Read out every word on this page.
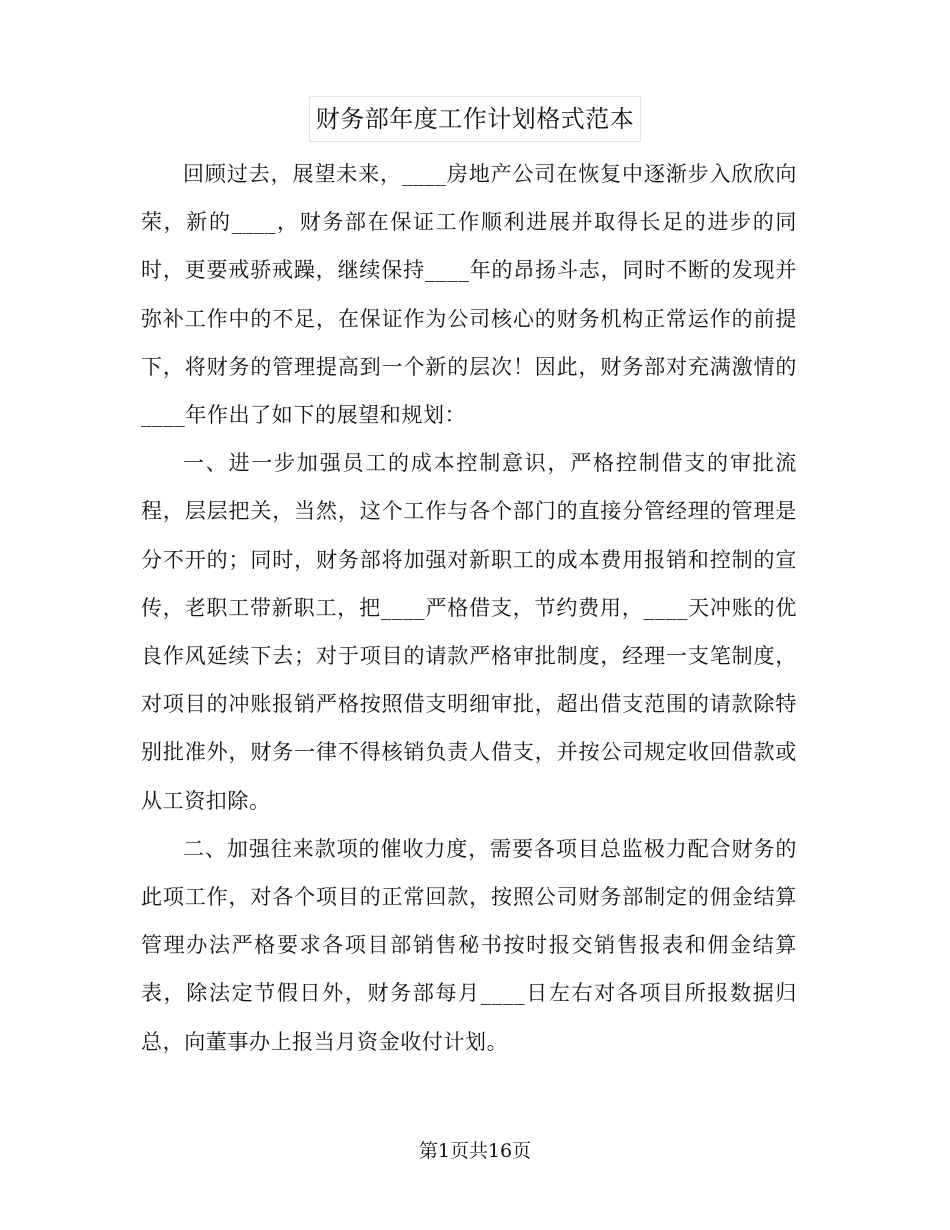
财务部年度工作计划格式范本

回顾过去，展望未来，____房地产公司在恢复中逐渐步入欣欣向荣，新的____，财务部在保证工作顺利进展并取得长足的进步的同时，更要戒骄戒躁，继续保持____年的昂扬斗志，同时不断的发现并弥补工作中的不足，在保证作为公司核心的财务机构正常运作的前提下，将财务的管理提高到一个新的层次！因此，财务部对充满激情的____年作出了如下的展望和规划：

一、进一步加强员工的成本控制意识，严格控制借支的审批流程，层层把关，当然，这个工作与各个部门的直接分管经理的管理是分不开的；同时，财务部将加强对新职工的成本费用报销和控制的宣传，老职工带新职工，把____严格借支，节约费用，____天冲账的优良作风延续下去；对于项目的请款严格审批制度，经理一支笔制度，对项目的冲账报销严格按照借支明细审批，超出借支范围的请款除特别批准外，财务一律不得核销负责人借支，并按公司规定收回借款或从工资扣除。

二、加强往来款项的催收力度，需要各项目总监极力配合财务的此项工作，对各个项目的正常回款，按照公司财务部制定的佣金结算管理办法严格要求各项目部销售秘书按时报交销售报表和佣金结算表，除法定节假日外，财务部每月____日左右对各项目所报数据归总，向董事办上报当月资金收付计划。

第1页共16页
